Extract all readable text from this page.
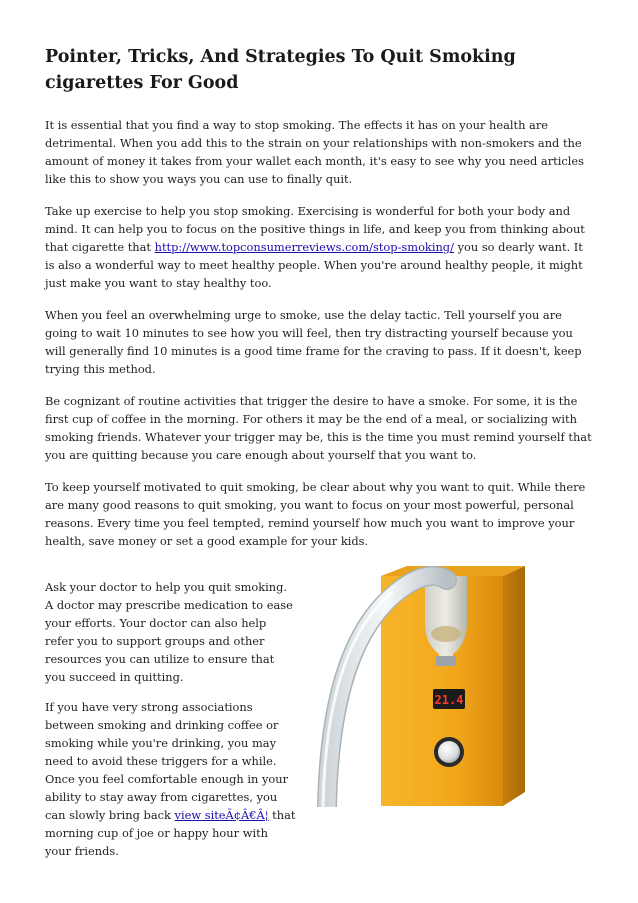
Pointer, Tricks, And Strategies To Quit Smoking cigarettes For Good

It is essential that you find a way to stop smoking. The effects it has on your health are detrimental. When you add this to the strain on your relationships with non-smokers and the amount of money it takes from your wallet each month, it's easy to see why you need articles like this to show you ways you can use to finally quit.

Take up exercise to help you stop smoking. Exercising is wonderful for both your body and mind. It can help you to focus on the positive things in life, and keep you from thinking about that cigarette that http://www.topconsumerreviews.com/stop-smoking/ you so dearly want. It is also a wonderful way to meet healthy people. When you're around healthy people, it might just make you want to stay healthy too.

When you feel an overwhelming urge to smoke, use the delay tactic. Tell yourself you are going to wait 10 minutes to see how you will feel, then try distracting yourself because you will generally find 10 minutes is a good time frame for the craving to pass. If it doesn't, keep trying this method.

Be cognizant of routine activities that trigger the desire to have a smoke. For some, it is the first cup of coffee in the morning. For others it may be the end of a meal, or socializing with smoking friends. Whatever your trigger may be, this is the time you must remind yourself that you are quitting because you care enough about yourself that you want to.

To keep yourself motivated to quit smoking, be clear about why you want to quit. While there are many good reasons to quit smoking, you want to focus on your most powerful, personal reasons. Every time you feel tempted, remind yourself how much you want to improve your health, save money or set a good example for your kids.

Ask your doctor to help you quit smoking. A doctor may prescribe medication to ease your efforts. Your doctor can also help refer you to support groups and other resources you can utilize to ensure that you succeed in quitting.

If you have very strong associations between smoking and drinking coffee or smoking while you're drinking, you may need to avoid these triggers for a while. Once you feel comfortable enough in your ability to stay away from cigarettes, you can slowly bring back view siteÃ¢Â€Â¦ that morning cup of joe or happy hour with your friends.

21.4
